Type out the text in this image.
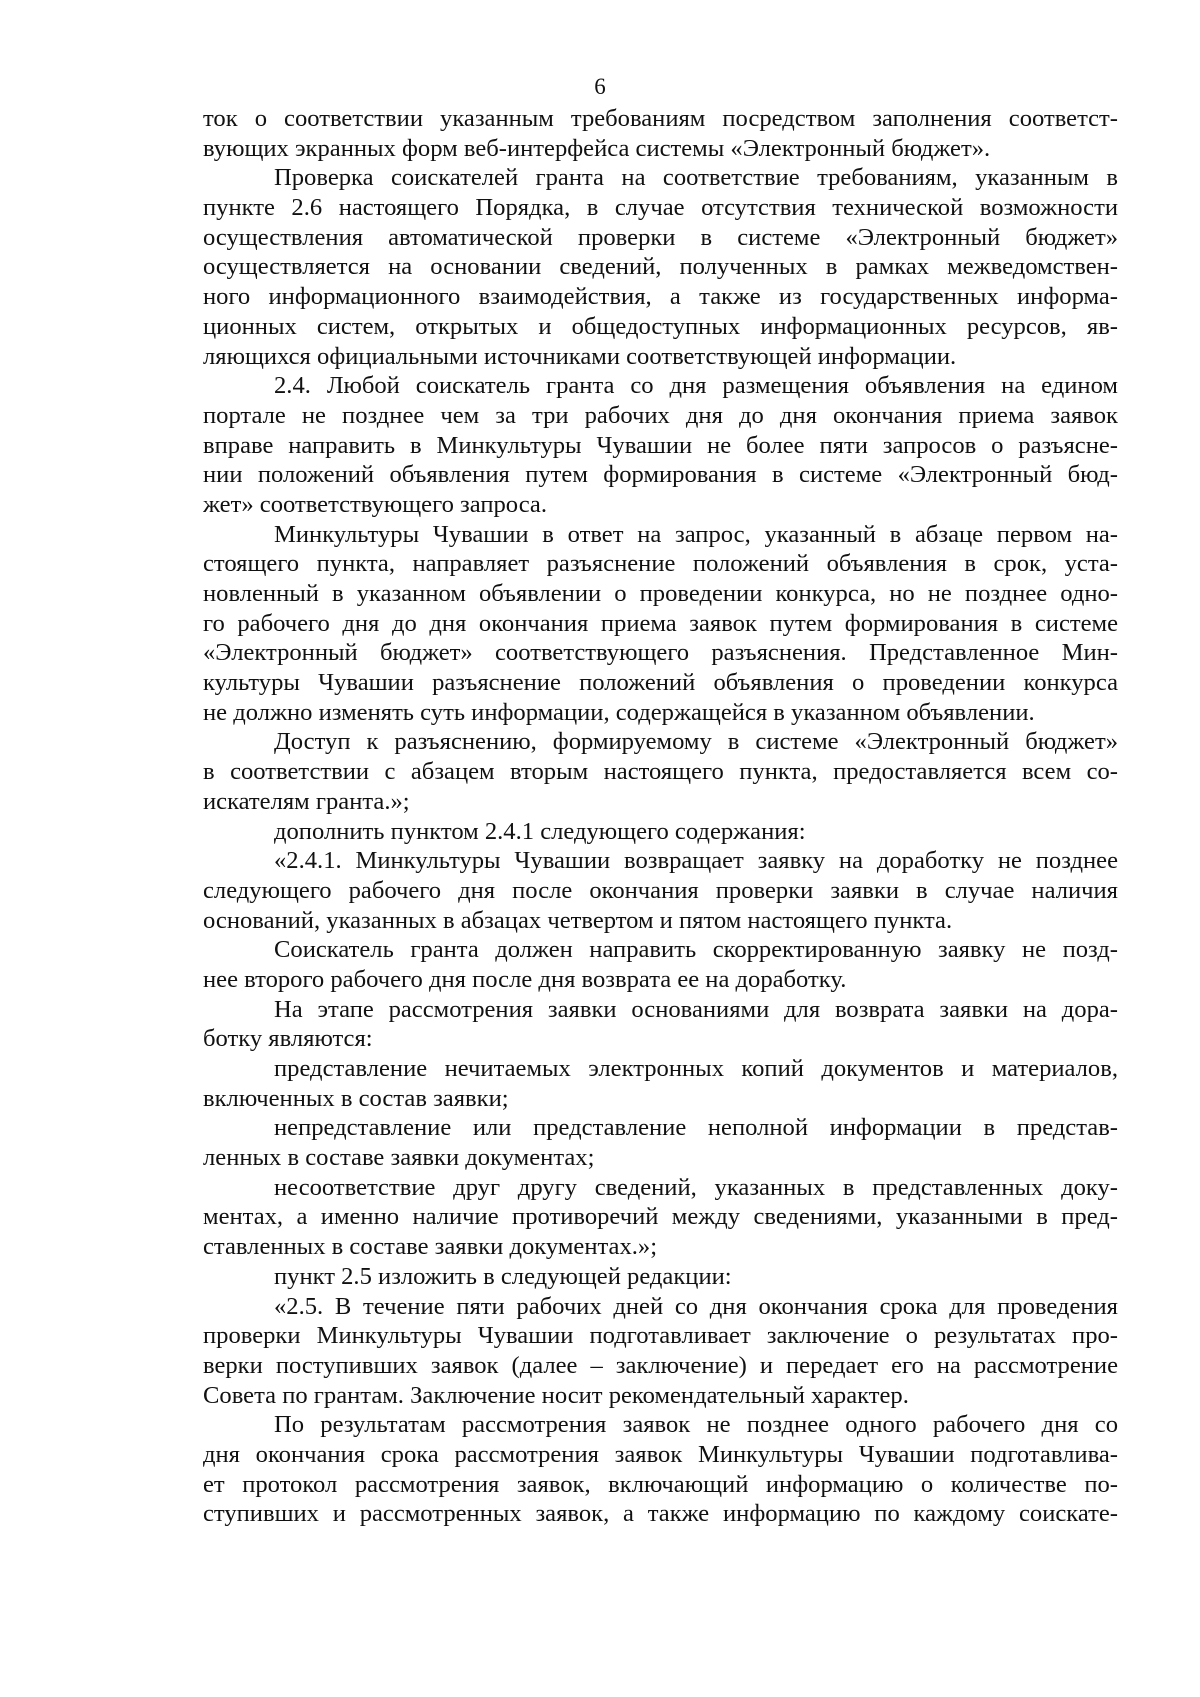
6
ток о соответствии указанным требованиям посредством заполнения соответст-
вующих экранных форм веб-интерфейса системы «Электронный бюджет».
Проверка соискателей гранта на соответствие требованиям, указанным в
пункте 2.6 настоящего Порядка, в случае отсутствия технической возможности
осуществления автоматической проверки в системе «Электронный бюджет»
осуществляется на основании сведений, полученных в рамках межведомствен-
ного информационного взаимодействия, а также из государственных информа-
ционных систем, открытых и общедоступных информационных ресурсов, яв-
ляющихся официальными источниками соответствующей информации.
2.4. Любой соискатель гранта со дня размещения объявления на едином
портале не позднее чем за три рабочих дня до дня окончания приема заявок
вправе направить в Минкультуры Чувашии не более пяти запросов о разъясне-
нии положений объявления путем формирования в системе «Электронный бюд-
жет» соответствующего запроса.
Минкультуры Чувашии в ответ на запрос, указанный в абзаце первом на-
стоящего пункта, направляет разъяснение положений объявления в срок, уста-
новленный в указанном объявлении о проведении конкурса, но не позднее одно-
го рабочего дня до дня окончания приема заявок путем формирования в системе
«Электронный бюджет» соответствующего разъяснения. Представленное Мин-
культуры Чувашии разъяснение положений объявления о проведении конкурса
не должно изменять суть информации, содержащейся в указанном объявлении.
Доступ к разъяснению, формируемому в системе «Электронный бюджет»
в соответствии с абзацем вторым настоящего пункта, предоставляется всем со-
искателям гранта.»;
дополнить пунктом 2.4.1 следующего содержания:
«2.4.1. Минкультуры Чувашии возвращает заявку на доработку не позднее
следующего рабочего дня после окончания проверки заявки в случае наличия
оснований, указанных в абзацах четвертом и пятом настоящего пункта.
Соискатель гранта должен направить скорректированную заявку не позд-
нее второго рабочего дня после дня возврата ее на доработку.
На этапе рассмотрения заявки основаниями для возврата заявки на дора-
ботку являются:
представление нечитаемых электронных копий документов и материалов,
включенных в состав заявки;
непредставление или представление неполной информации в представ-
ленных в составе заявки документах;
несоответствие друг другу сведений, указанных в представленных доку-
ментах, а именно наличие противоречий между сведениями, указанными в пред-
ставленных в составе заявки документах.»;
пункт 2.5 изложить в следующей редакции:
«2.5. В течение пяти рабочих дней со дня окончания срока для проведения
проверки Минкультуры Чувашии подготавливает заключение о результатах про-
верки поступивших заявок (далее – заключение) и передает его на рассмотрение
Совета по грантам. Заключение носит рекомендательный характер.
По результатам рассмотрения заявок не позднее одного рабочего дня со
дня окончания срока рассмотрения заявок Минкультуры Чувашии подготавлива-
ет протокол рассмотрения заявок, включающий информацию о количестве по-
ступивших и рассмотренных заявок, а также информацию по каждому соискате-
